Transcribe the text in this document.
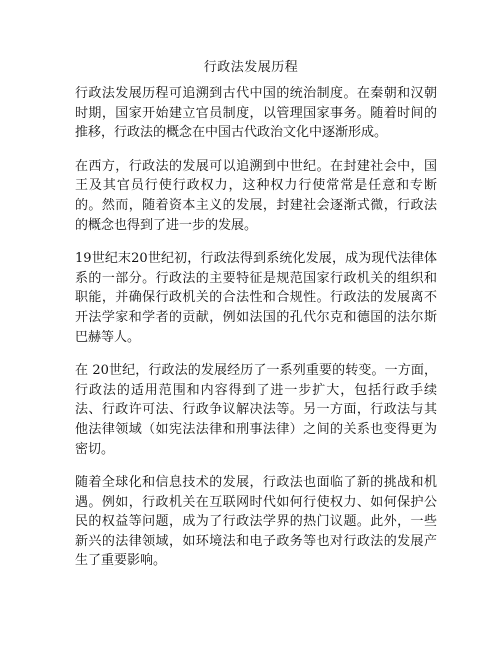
行政法发展历程

行政法发展历程可追溯到古代中国的统治制度。在秦朝和汉朝时期，国家开始建立官员制度，以管理国家事务。随着时间的推移，行政法的概念在中国古代政治文化中逐渐形成。

在西方，行政法的发展可以追溯到中世纪。在封建社会中，国王及其官员行使行政权力，这种权力行使常常是任意和专断的。然而，随着资本主义的发展，封建社会逐渐式微，行政法的概念也得到了进一步的发展。

19世纪末20世纪初，行政法得到系统化发展，成为现代法律体系的一部分。行政法的主要特征是规范国家行政机关的组织和职能，并确保行政机关的合法性和合规性。行政法的发展离不开法学家和学者的贡献，例如法国的孔代尔克和德国的法尔斯巴赫等人。

在 20世纪，行政法的发展经历了一系列重要的转变。一方面，行政法的适用范围和内容得到了进一步扩大，包括行政手续法、行政许可法、行政争议解决法等。另一方面，行政法与其他法律领域（如宪法法律和刑事法律）之间的关系也变得更为密切。

随着全球化和信息技术的发展，行政法也面临了新的挑战和机遇。例如，行政机关在互联网时代如何行使权力、如何保护公民的权益等问题，成为了行政法学界的热门议题。此外，一些新兴的法律领域，如环境法和电子政务等也对行政法的发展产生了重要影响。
